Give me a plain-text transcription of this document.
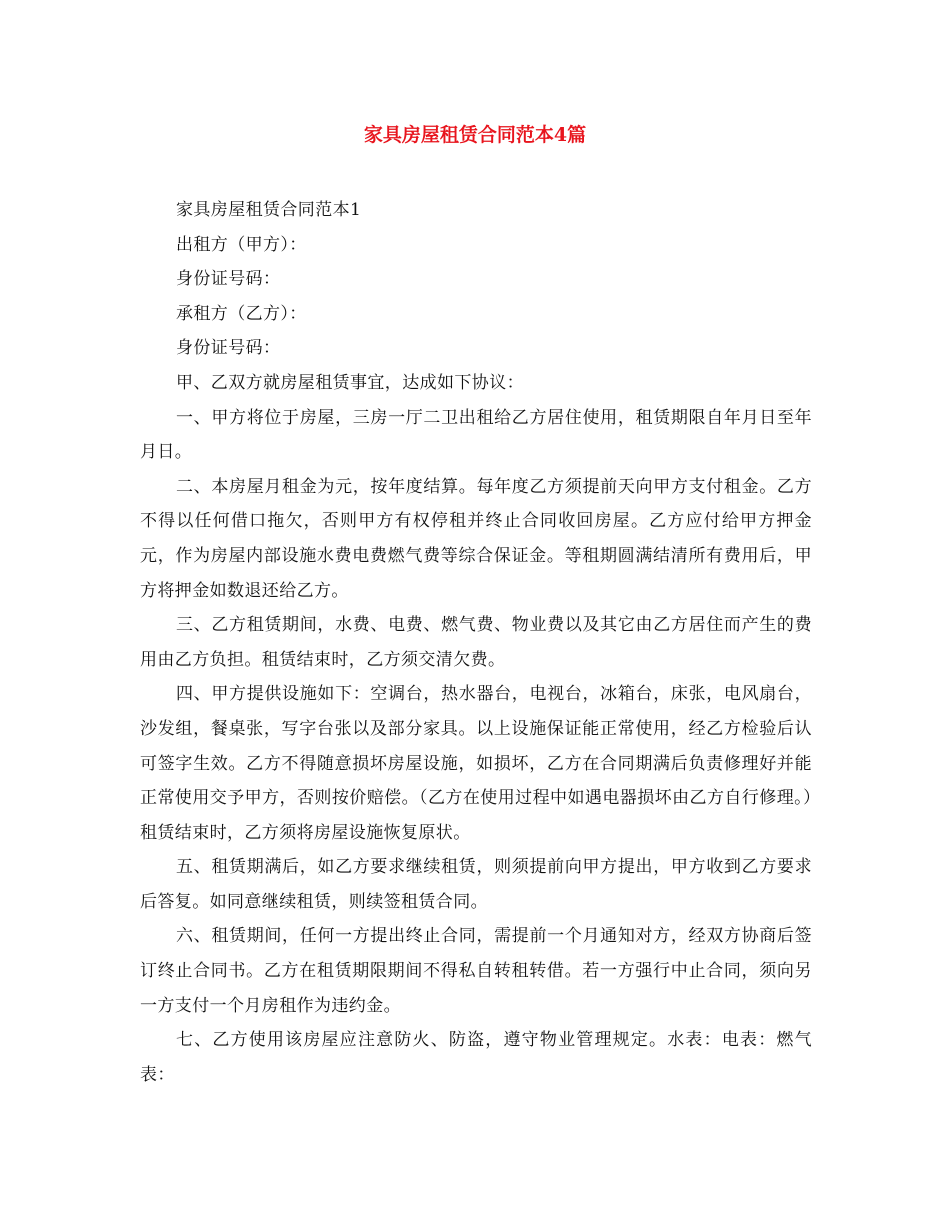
家具房屋租赁合同范本4篇

家具房屋租赁合同范本1

出租方（甲方）：

身份证号码：

承租方（乙方）：

身份证号码：

甲、乙双方就房屋租赁事宜，达成如下协议：

一、甲方将位于房屋，三房一厅二卫出租给乙方居住使用，租赁期限自年月日至年月日。

二、本房屋月租金为元，按年度结算。每年度乙方须提前天向甲方支付租金。乙方不得以任何借口拖欠，否则甲方有权停租并终止合同收回房屋。乙方应付给甲方押金元，作为房屋内部设施水费电费燃气费等综合保证金。等租期圆满结清所有费用后，甲方将押金如数退还给乙方。

三、乙方租赁期间，水费、电费、燃气费、物业费以及其它由乙方居住而产生的费用由乙方负担。租赁结束时，乙方须交清欠费。

四、甲方提供设施如下：空调台，热水器台，电视台，冰箱台，床张，电风扇台，沙发组，餐桌张，写字台张以及部分家具。以上设施保证能正常使用，经乙方检验后认可签字生效。乙方不得随意损坏房屋设施，如损坏，乙方在合同期满后负责修理好并能正常使用交予甲方，否则按价赔偿。（乙方在使用过程中如遇电器损坏由乙方自行修理。）租赁结束时，乙方须将房屋设施恢复原状。

五、租赁期满后，如乙方要求继续租赁，则须提前向甲方提出，甲方收到乙方要求后答复。如同意继续租赁，则续签租赁合同。

六、租赁期间，任何一方提出终止合同，需提前一个月通知对方，经双方协商后签订终止合同书。乙方在租赁期限期间不得私自转租转借。若一方强行中止合同，须向另一方支付一个月房租作为违约金。

七、乙方使用该房屋应注意防火、防盗，遵守物业管理规定。水表：电表：燃气表：
